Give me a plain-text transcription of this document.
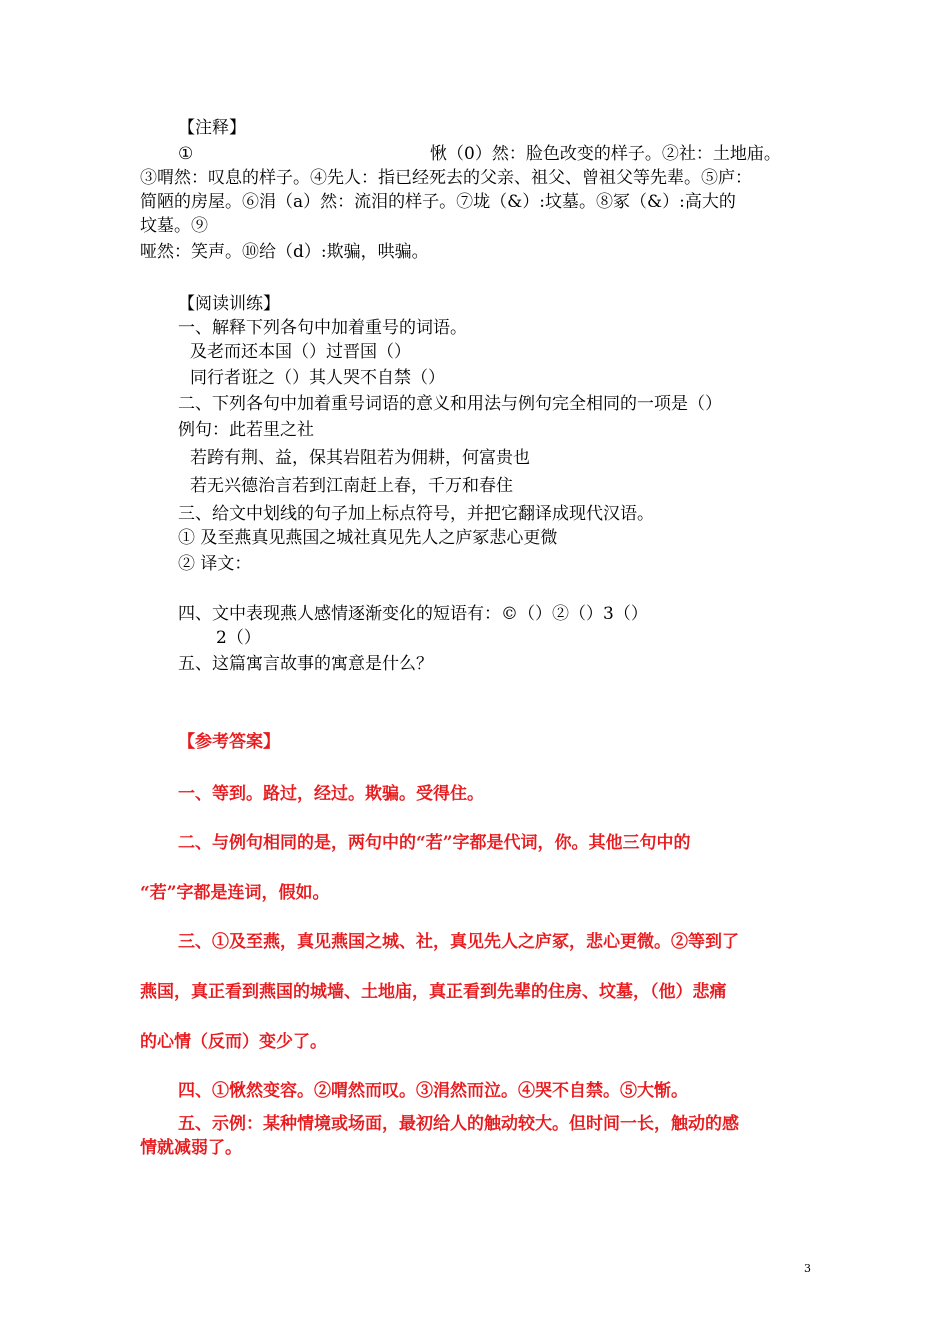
【注释】
①	愀（0）然：脸色改变的样子。②社：土地庙。
③喟然：叹息的样子。④先人：指已经死去的父亲、祖父、曾祖父等先辈。⑤庐：
简陋的房屋。⑥涓（a）然：流泪的样子。⑦垅（&）:坟墓。⑧冢（&）:高大的
坟墓。⑨
哑然：笑声。⑩给（d）:欺骗，哄骗。
【阅读训练】
一、解释下列各句中加着重号的词语。
及老而还本国（）过晋国（）
同行者诳之（）其人哭不自禁（）
二、下列各句中加着重号词语的意义和用法与例句完全相同的一项是（）
例句：此若里之社
若跨有荆、益，保其岩阻若为佣耕，何富贵也
若无兴德治言若到江南赶上春，千万和春住
三、给文中划线的句子加上标点符号，并把它翻译成现代汉语。
① 及至燕真见燕国之城社真见先人之庐冢悲心更微
② 译文：
四、文中表现燕人感情逐渐变化的短语有：©（）②（）3（）
2（）
五、这篇寓言故事的寓意是什么？
【参考答案】
一、等到。路过，经过。欺骗。受得住。
二、与例句相同的是，两句中的“若”字都是代词，你。其他三句中的
“若”字都是连词，假如。
三、①及至燕，真见燕国之城、社，真见先人之庐冢，悲心更微。②等到了
燕国，真正看到燕国的城墙、土地庙，真正看到先辈的住房、坟墓，（他）悲痛
的心情（反而）变少了。
四、①愀然变容。②喟然而叹。③涓然而泣。④哭不自禁。⑤大惭。
五、示例：某种情境或场面，最初给人的触动较大。但时间一长，触动的感
情就减弱了。
3
